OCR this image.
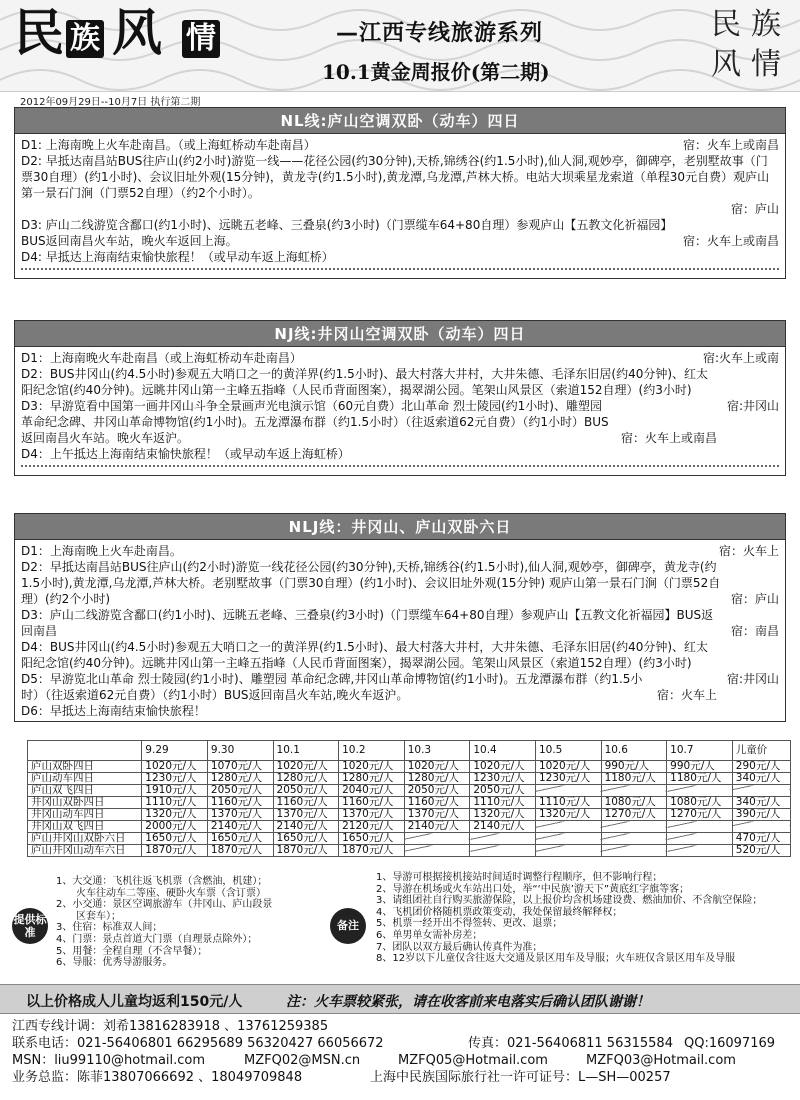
民 族 风 情	—江西专线旅游系列
10.1黄金周报价(第二期)
民 族
风 情
2012年09月29日--10月7日 执行第二期
NL线:庐山空调双卧（动车）四日
宿：火车上或南昌
D1: 上海南晚上火车赴南昌。（或上海虹桥动车赴南昌）
D2: 早抵达南昌站BUS往庐山(约2小时)游览一线——花径公园(约30分钟),天桥,锦绣谷(约1.5小时),仙人洞,观妙亭，御碑亭，老别墅故事（门票30自理）(约1小时)、会议旧址外观(15分钟)，黄龙寺(约1.5小时),黄龙潭,乌龙潭,芦林大桥。电站大坝乘星龙索道（单程30元自费）观庐山第一景石门涧（门票52自理）（约2个小时）。
宿：庐山
宿：火车上或南昌
D3: 庐山二线游览含鄱口(约1小时)、远眺五老峰、三叠泉(约3小时)（门票缆车64+80自理）参观庐山【五教文化祈福园】BUS返回南昌火车站，晚火车返回上海。
D4: 早抵达上海南结束愉快旅程！（或早动车返上海虹桥）
NJ线:井冈山空调双卧（动车）四日
宿:火车上或南
D1：上海南晚火车赴南昌（或上海虹桥动车赴南昌）
宿:井冈山
D2：BUS井冈山(约4.5小时)参观五大哨口之一的黄洋界(约1.5小时)、最大村落大井村，大井朱德、毛泽东旧居(约40分钟)、红太阳纪念馆(约40分钟)。远眺井冈山第一主峰五指峰（人民币背面图案），揭翠湖公园。笔架山风景区（索道152自理）(约3小时)
宿：火车上或南昌
D3：早游览看中国第一画井冈山斗争全景画声光电演示馆（60元自费）北山革命 烈士陵园(约1小时)、雕塑园 革命纪念碑、井冈山革命博物馆(约1小时)。五龙潭瀑布群（约1.5小时）（往返索道62元自费）（约1小时）BUS返回南昌火车站。晚火车返沪。
D4：上午抵达上海南结束愉快旅程！（或早动车返上海虹桥）
NLJ线：井冈山、庐山双卧六日
宿：火车上
D1：上海南晚上火车赴南昌。
宿：庐山
D2：早抵达南昌站BUS往庐山(约2小时)游览一线花径公园(约30分钟),天桥,锦绣谷(约1.5小时),仙人洞,观妙亭，御碑亭，黄龙寺(约1.5小时),黄龙潭,乌龙潭,芦林大桥。老别墅故事（门票30自理）(约1小时)、会议旧址外观(15分钟) 观庐山第一景石门涧（门票52自理）(约2个小时)
宿：南昌
D3：庐山二线游览含鄱口(约1小时)、远眺五老峰、三叠泉(约3小时)（门票缆车64+80自理）参观庐山【五教文化祈福园】BUS返回南昌
宿:井冈山
D4：BUS井冈山(约4.5小时)参观五大哨口之一的黄洋界(约1.5小时)、最大村落大井村，大井朱德、毛泽东旧居(约40分钟)、红太阳纪念馆(约40分钟)。远眺井冈山第一主峰五指峰（人民币背面图案），揭翠湖公园。笔架山风景区（索道152自理）(约3小时)
宿：火车上
D5：早游览北山革命 烈士陵园(约1小时)、雕塑园 革命纪念碑,井冈山革命博物馆(约1小时)。五龙潭瀑布群（约1.5小时）（往返索道62元自费）（约1小时）BUS返回南昌火车站,晚火车返沪。
D6：早抵达上海南结束愉快旅程！
	9.29	9.30	10.1	10.2	10.3	10.4	10.5	10.6	10.7	儿童价
庐山双卧四日	1020元/人	1070元/人	1020元/人	1020元/人	1020元/人	1020元/人	1020元/人	990元/人	990元/人	290元/人
庐山动车四日	1230元/人	1280元/人	1280元/人	1280元/人	1280元/人	1230元/人	1230元/人	1180元/人	1180元/人	340元/人
庐山双飞四日	1910元/人	2050元/人	2050元/人	2040元/人	2050元/人	2050元/人				
井冈山双卧四日	1110元/人	1160元/人	1160元/人	1160元/人	1160元/人	1110元/人	1110元/人	1080元/人	1080元/人	340元/人
井冈山动车四日	1320元/人	1370元/人	1370元/人	1370元/人	1370元/人	1320元/人	1320元/人	1270元/人	1270元/人	390元/人
井冈山双飞四日	2000元/人	2140元/人	2140元/人	2120元/人	2140元/人	2140元/人				
庐山井冈山双卧六日	1650元/人	1650元/人	1650元/人	1650元/人						470元/人
庐山井冈山动车六日	1870元/人	1870元/人	1870元/人	1870元/人						520元/人
提供标准
1、大交通：飞机往返飞机票（含燃油，机建）；
　　火车往动车二等座、硬卧火车票（含订票）
2、小交通：景区空调旅游车（井冈山、庐山段景
　　区套车）；
3、住宿：标准双人间；
4、门票：景点首道大门票（自理景点除外）；
5、用餐：全程自理（不含早餐）；
6、导服：优秀导游服务。
备注
1、导游可根据接机接站时间适时调整行程顺序，但不影响行程；
2、导游在机场或火车站出口处，举“‘中民族’游天下”黄底红字旗等客；
3、请组团社自行购买旅游保险，以上报价均含机场建设费、燃油加价、不含航空保险；
4、飞机团价格随机票政策变动，我处保留最终解释权；
5、机票一经开出不得签转、更改、退票；
6、单男单女需补房差；
7、团队以双方最后确认传真件为准；
8、12岁以下儿童仅含往返大交通及景区用车及导服；火车班仅含景区用车及导服
以上价格成人儿童均返利150元/人	注：火车票较紧张，请在收客前来电落实后确认团队谢谢！
江西专线计调：刘希13816283918 、13761259385
联系电话：021-56406801 66295689 56320427 66056672	传真：021-56406811 56315584 QQ:16097169
MSN：liu99110@hotmail.com	MZFQ02@MSN.cn	MZFQ05@Hotmail.com	MZFQ03@Hotmail.com
业务总监：陈菲13807066692 、18049709848	上海中民族国际旅行社一许可证号：L—SH—00257
